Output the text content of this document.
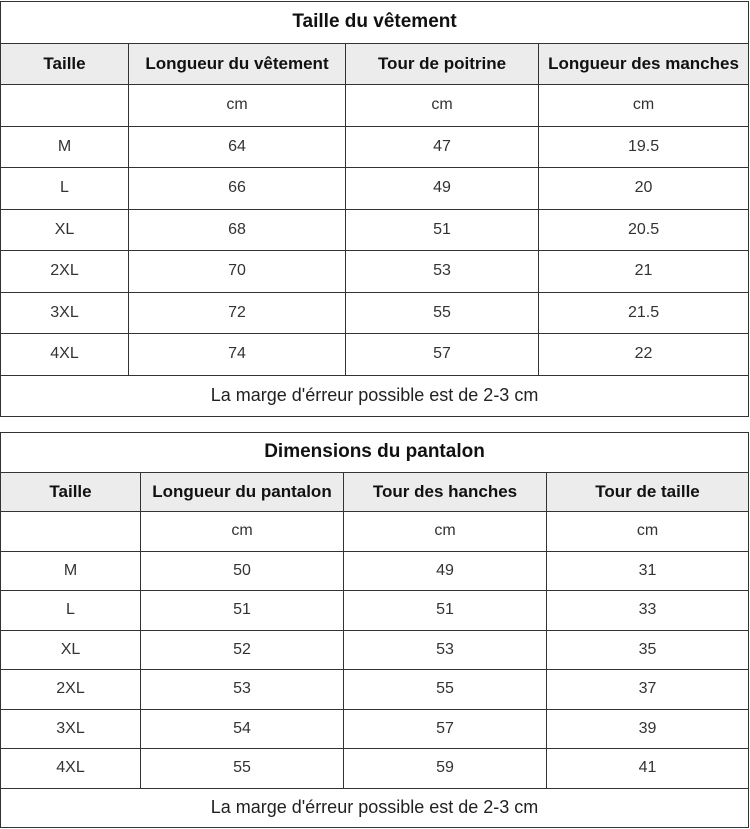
Taille du vêtement			
Taille	Longueur du vêtement	Tour de poitrine	Longueur des manches
	cm	cm	cm
M	64	47	19.5
L	66	49	20
XL	68	51	20.5
2XL	70	53	21
3XL	72	55	21.5
4XL	74	57	22
La marge d'érreur possible est de 2-3 cm			
Dimensions du pantalon			
Taille	Longueur du pantalon	Tour des hanches	Tour de taille
	cm	cm	cm
M	50	49	31
L	51	51	33
XL	52	53	35
2XL	53	55	37
3XL	54	57	39
4XL	55	59	41
La marge d'érreur possible est de 2-3 cm			
